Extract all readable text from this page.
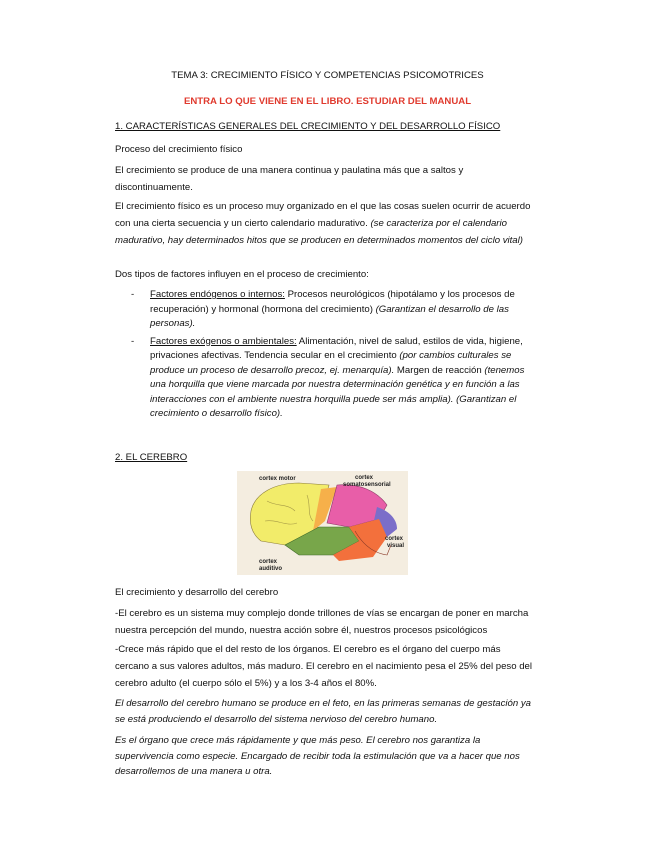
TEMA 3: CRECIMIENTO FÍSICO Y COMPETENCIAS PSICOMOTRICES
ENTRA LO QUE VIENE EN EL LIBRO. ESTUDIAR DEL MANUAL
1. CARACTERÍSTICAS GENERALES DEL CRECIMIENTO Y DEL DESARROLLO FÍSICO
Proceso del crecimiento físico
El crecimiento se produce de una manera continua y paulatina más que a saltos y discontinuamente.
El crecimiento físico es un proceso muy organizado en el que las cosas suelen ocurrir de acuerdo con una cierta secuencia y un cierto calendario madurativo. (se caracteriza por el calendario madurativo, hay determinados hitos que se producen en determinados momentos del ciclo vital)
Dos tipos de factores influyen en el proceso de crecimiento:
- Factores endógenos o internos: Procesos neurológicos (hipotálamo y los procesos de recuperación) y hormonal (hormona del crecimiento) (Garantizan el desarrollo de las personas).
- Factores exógenos o ambientales: Alimentación, nivel de salud, estilos de vida, higiene, privaciones afectivas. Tendencia secular en el crecimiento (por cambios culturales se produce un proceso de desarrollo precoz, ej. menarquía). Margen de reacción (tenemos una horquilla que viene marcada por nuestra determinación genética y en función a las interacciones con el ambiente nuestra horquilla puede ser más amplia). (Garantizan el crecimiento o desarrollo físico).
2. EL CEREBRO
cortex motor	cortex
somatosensorial
cortex
visual
cortex
auditivo
El crecimiento y desarrollo del cerebro
-El cerebro es un sistema muy complejo donde trillones de vías se encargan de poner en marcha nuestra percepción del mundo, nuestra acción sobre él, nuestros procesos psicológicos
-Crece más rápido que el del resto de los órganos. El cerebro es el órgano del cuerpo más cercano a sus valores adultos, más maduro. El cerebro en el nacimiento pesa el 25% del peso del cerebro adulto (el cuerpo sólo el 5%) y a los 3-4 años el 80%.
El desarrollo del cerebro humano se produce en el feto, en las primeras semanas de gestación ya se está produciendo el desarrollo del sistema nervioso del cerebro humano.
Es el órgano que crece más rápidamente y que más peso. El cerebro nos garantiza la supervivencia como especie. Encargado de recibir toda la estimulación que va a hacer que nos desarrollemos de una manera u otra.
